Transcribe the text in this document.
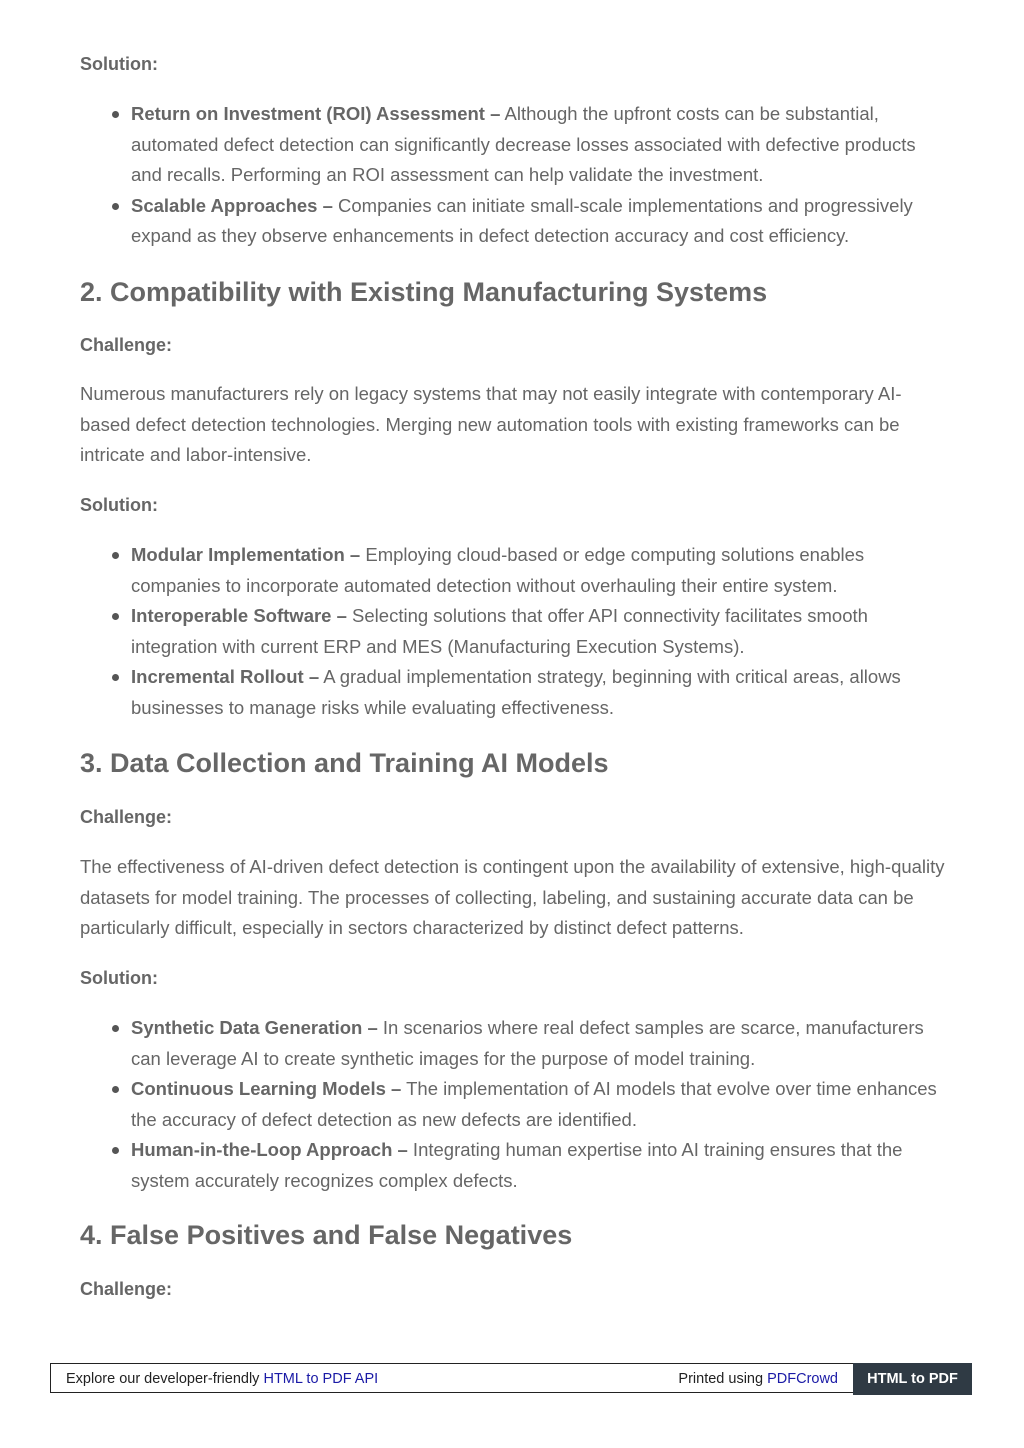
Solution:

Return on Investment (ROI) Assessment – Although the upfront costs can be substantial, automated defect detection can significantly decrease losses associated with defective products and recalls. Performing an ROI assessment can help validate the investment.
Scalable Approaches – Companies can initiate small-scale implementations and progressively expand as they observe enhancements in defect detection accuracy and cost efficiency.
2. Compatibility with Existing Manufacturing Systems

Challenge:

Numerous manufacturers rely on legacy systems that may not easily integrate with contemporary AI-based defect detection technologies. Merging new automation tools with existing frameworks can be intricate and labor-intensive.

Solution:

Modular Implementation – Employing cloud-based or edge computing solutions enables companies to incorporate automated detection without overhauling their entire system.
Interoperable Software – Selecting solutions that offer API connectivity facilitates smooth integration with current ERP and MES (Manufacturing Execution Systems).
Incremental Rollout – A gradual implementation strategy, beginning with critical areas, allows businesses to manage risks while evaluating effectiveness.
3. Data Collection and Training AI Models

Challenge:

The effectiveness of AI-driven defect detection is contingent upon the availability of extensive, high-quality datasets for model training. The processes of collecting, labeling, and sustaining accurate data can be particularly difficult, especially in sectors characterized by distinct defect patterns.

Solution:

Synthetic Data Generation – In scenarios where real defect samples are scarce, manufacturers can leverage AI to create synthetic images for the purpose of model training.
Continuous Learning Models – The implementation of AI models that evolve over time enhances the accuracy of defect detection as new defects are identified.
Human-in-the-Loop Approach – Integrating human expertise into AI training ensures that the system accurately recognizes complex defects.
4. False Positives and False Negatives

Challenge:

Explore our developer-friendly HTML to PDF API	Printed using PDFCrowd	HTML to PDF
